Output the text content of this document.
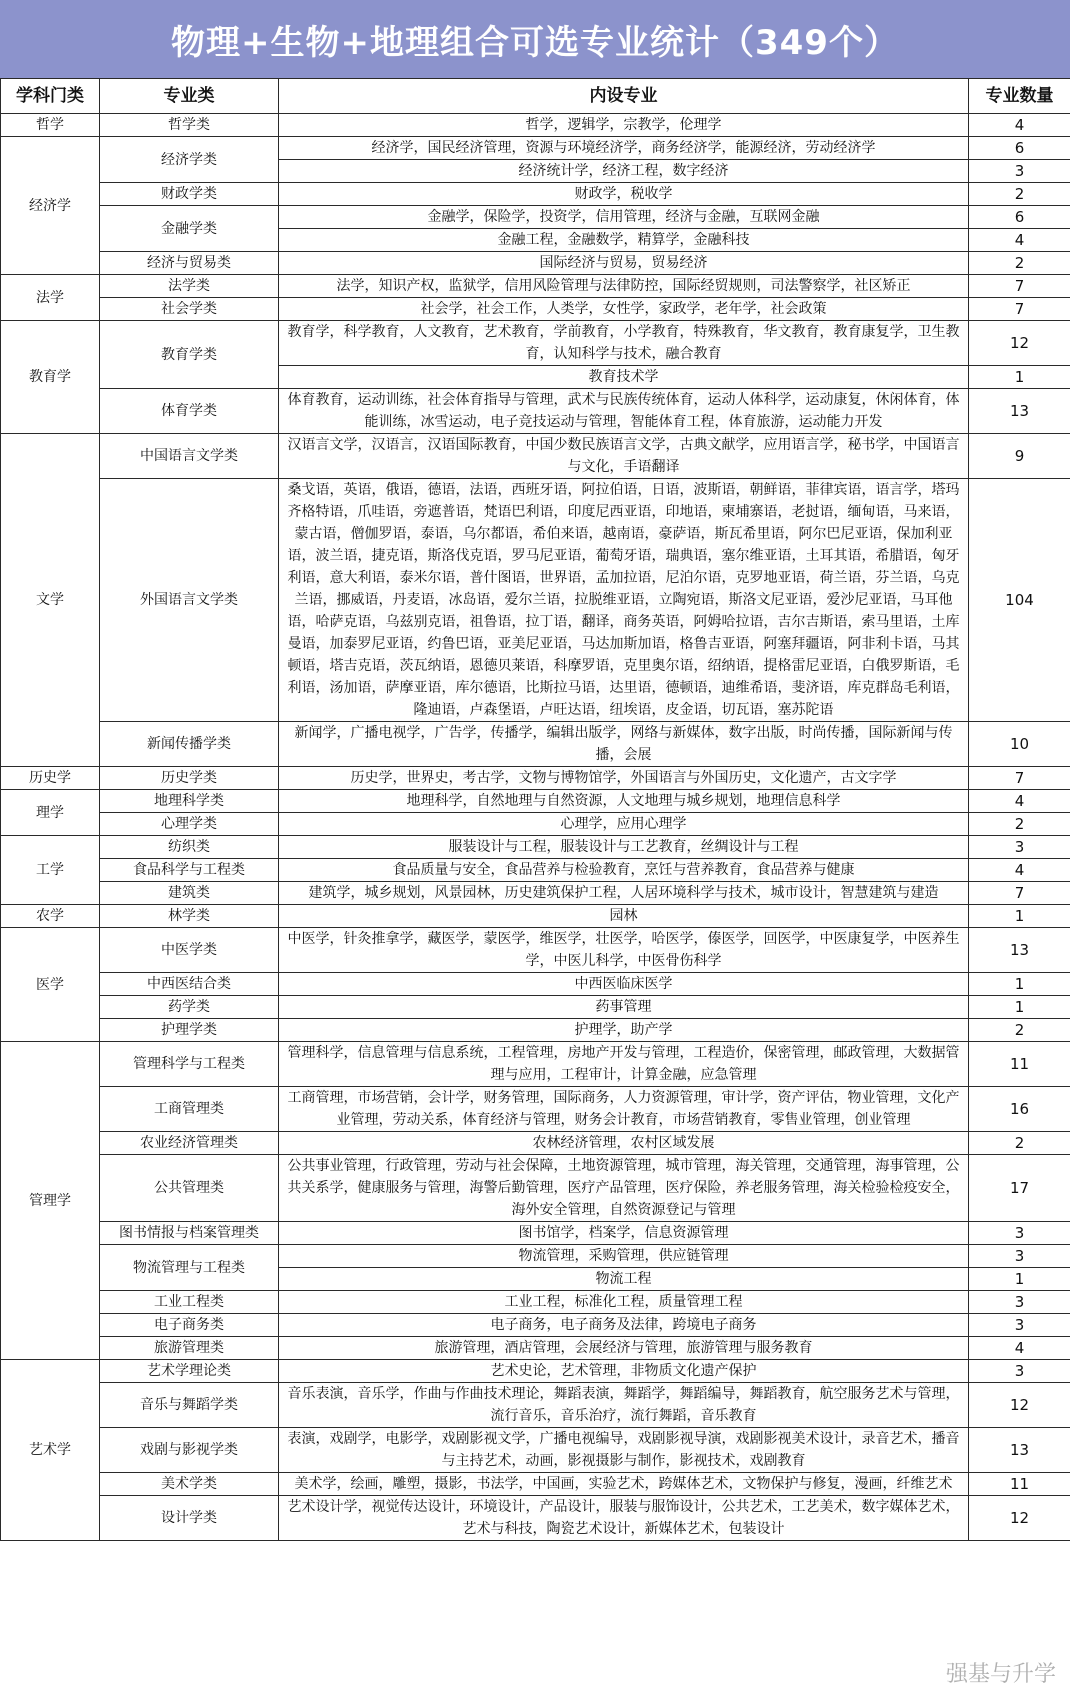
物理+生物+地理组合可选专业统计（349个）
学科门类	专业类	内设专业	专业数量
哲学	哲学类	哲学，逻辑学，宗教学，伦理学	4
经济学	经济学类	经济学，国民经济管理，资源与环境经济学，商务经济学，能源经济，劳动经济学	6
		经济统计学，经济工程，数字经济	3
	财政学类	财政学，税收学	2
	金融学类	金融学，保险学，投资学，信用管理，经济与金融，互联网金融	6
		金融工程，金融数学，精算学，金融科技	4
	经济与贸易类	国际经济与贸易，贸易经济	2
法学	法学类	法学，知识产权，监狱学，信用风险管理与法律防控，国际经贸规则，司法警察学，社区矫正	7
	社会学类	社会学，社会工作，人类学，女性学，家政学，老年学，社会政策	7
教育学	教育学类	教育学，科学教育，人文教育，艺术教育，学前教育，小学教育，特殊教育，华文教育，教育康复学，卫生教育，认知科学与技术，融合教育	12
		教育技术学	1
	体育学类	体育教育，运动训练，社会体育指导与管理，武术与民族传统体育，运动人体科学，运动康复，休闲体育，体能训练，冰雪运动，电子竞技运动与管理，智能体育工程，体育旅游，运动能力开发	13
文学	中国语言文学类	汉语言文学，汉语言，汉语国际教育，中国少数民族语言文学，古典文献学，应用语言学，秘书学，中国语言与文化，手语翻译	9
	外国语言文学类	桑戈语，英语，俄语，德语，法语，西班牙语，阿拉伯语，日语，波斯语，朝鲜语，菲律宾语，语言学，塔玛齐格特语，爪哇语，旁遮普语，梵语巴利语，印度尼西亚语，印地语，柬埔寨语，老挝语，缅甸语，马来语，蒙古语，僧伽罗语，泰语，乌尔都语，希伯来语，越南语，豪萨语，斯瓦希里语，阿尔巴尼亚语，保加利亚语，波兰语，捷克语，斯洛伐克语，罗马尼亚语，葡萄牙语，瑞典语，塞尔维亚语，土耳其语，希腊语，匈牙利语，意大利语，泰米尔语，普什图语，世界语，孟加拉语，尼泊尔语，克罗地亚语，荷兰语，芬兰语，乌克兰语，挪威语，丹麦语，冰岛语，爱尔兰语，拉脱维亚语，立陶宛语，斯洛文尼亚语，爱沙尼亚语，马耳他语，哈萨克语，乌兹别克语，祖鲁语，拉丁语，翻译，商务英语，阿姆哈拉语，吉尔吉斯语，索马里语，土库曼语，加泰罗尼亚语，约鲁巴语，亚美尼亚语，马达加斯加语，格鲁吉亚语，阿塞拜疆语，阿非利卡语，马其顿语，塔吉克语，茨瓦纳语，恩德贝莱语，科摩罗语，克里奥尔语，绍纳语，提格雷尼亚语，白俄罗斯语，毛利语，汤加语，萨摩亚语，库尔德语，比斯拉马语，达里语，德顿语，迪维希语，斐济语，库克群岛毛利语，隆迪语，卢森堡语，卢旺达语，纽埃语，皮金语，切瓦语，塞苏陀语	104
	新闻传播学类	新闻学，广播电视学，广告学，传播学，编辑出版学，网络与新媒体，数字出版，时尚传播，国际新闻与传播，会展	10
历史学	历史学类	历史学，世界史，考古学，文物与博物馆学，外国语言与外国历史，文化遗产，古文字学	7
理学	地理科学类	地理科学，自然地理与自然资源，人文地理与城乡规划，地理信息科学	4
	心理学类	心理学，应用心理学	2
工学	纺织类	服装设计与工程，服装设计与工艺教育，丝绸设计与工程	3
	食品科学与工程类	食品质量与安全，食品营养与检验教育，烹饪与营养教育，食品营养与健康	4
	建筑类	建筑学，城乡规划，风景园林，历史建筑保护工程，人居环境科学与技术，城市设计，智慧建筑与建造	7
农学	林学类	园林	1
医学	中医学类	中医学，针灸推拿学，藏医学，蒙医学，维医学，壮医学，哈医学，傣医学，回医学，中医康复学，中医养生学，中医儿科学，中医骨伤科学	13
	中西医结合类	中西医临床医学	1
	药学类	药事管理	1
	护理学类	护理学，助产学	2
管理学	管理科学与工程类	管理科学，信息管理与信息系统，工程管理，房地产开发与管理，工程造价，保密管理，邮政管理，大数据管理与应用，工程审计，计算金融，应急管理	11
	工商管理类	工商管理，市场营销，会计学，财务管理，国际商务，人力资源管理，审计学，资产评估，物业管理，文化产业管理，劳动关系，体育经济与管理，财务会计教育，市场营销教育，零售业管理，创业管理	16
	农业经济管理类	农林经济管理，农村区域发展	2
	公共管理类	公共事业管理，行政管理，劳动与社会保障，土地资源管理，城市管理，海关管理，交通管理，海事管理，公共关系学，健康服务与管理，海警后勤管理，医疗产品管理，医疗保险，养老服务管理，海关检验检疫安全，海外安全管理，自然资源登记与管理	17
	图书情报与档案管理类	图书馆学，档案学，信息资源管理	3
	物流管理与工程类	物流管理，采购管理，供应链管理	3
		物流工程	1
	工业工程类	工业工程，标准化工程，质量管理工程	3
	电子商务类	电子商务，电子商务及法律，跨境电子商务	3
	旅游管理类	旅游管理，酒店管理，会展经济与管理，旅游管理与服务教育	4
艺术学	艺术学理论类	艺术史论，艺术管理，非物质文化遗产保护	3
	音乐与舞蹈学类	音乐表演，音乐学，作曲与作曲技术理论，舞蹈表演，舞蹈学，舞蹈编导，舞蹈教育，航空服务艺术与管理，流行音乐，音乐治疗，流行舞蹈，音乐教育	12
	戏剧与影视学类	表演，戏剧学，电影学，戏剧影视文学，广播电视编导，戏剧影视导演，戏剧影视美术设计，录音艺术，播音与主持艺术，动画，影视摄影与制作，影视技术，戏剧教育	13
	美术学类	美术学，绘画，雕塑，摄影，书法学，中国画，实验艺术，跨媒体艺术，文物保护与修复，漫画，纤维艺术	11
	设计学类	艺术设计学，视觉传达设计，环境设计，产品设计，服装与服饰设计，公共艺术，工艺美术，数字媒体艺术，艺术与科技，陶瓷艺术设计，新媒体艺术，包装设计	12
强基与升学
